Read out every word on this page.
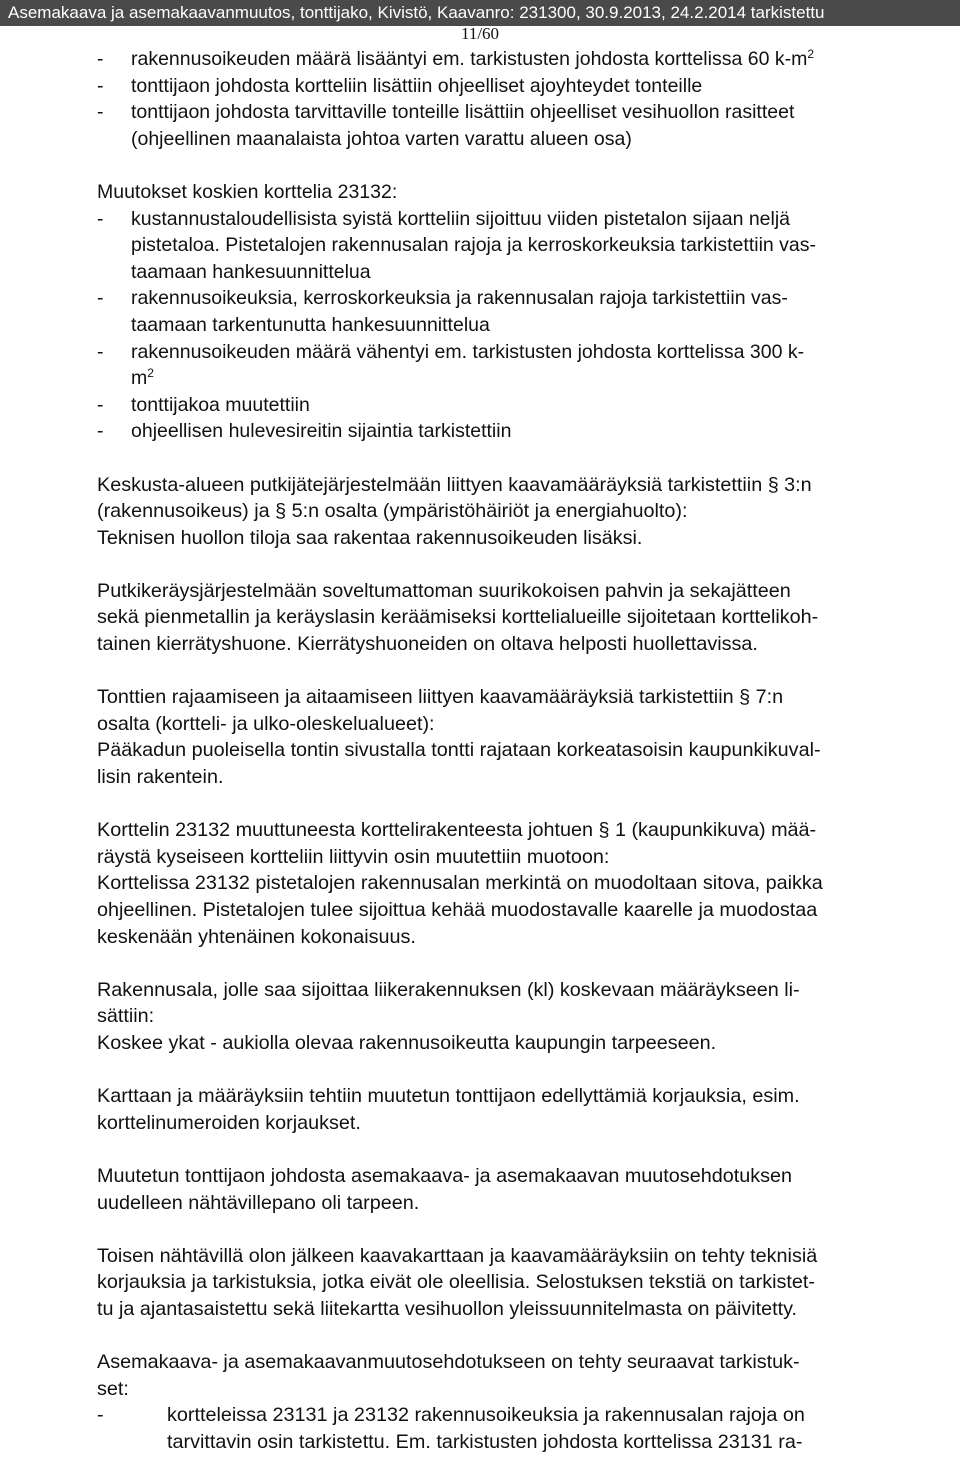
Asemakaava ja asemakaavanmuutos, tonttijako, Kivistö, Kaavanro: 231300, 30.9.2013, 24.2.2014 tarkistettu
11/60
-	rakennusoikeuden määrä lisääntyi em. tarkistusten johdosta korttelissa 60 $k-m^2$
-	tonttijaon johdosta kortteliin lisättiin ohjeelliset ajoyhteydet tonteille
-	tonttijaon johdosta tarvittaville tonteille lisättiin ohjeelliset vesihuollon rasitteet
(ohjeellinen maanalaista johtoa varten varattu alueen osa)
Muutokset koskien korttelia 23132:
-	kustannustaloudellisista syistä kortteliin sijoittuu viiden pistetalon sijaan neljä
pistetaloa. Pistetalojen rakennusalan rajoja ja kerroskorkeuksia tarkistettiin vas-
taamaan hankesuunnittelua
-	rakennusoikeuksia, kerroskorkeuksia ja rakennusalan rajoja tarkistettiin vas-
taamaan tarkentunutta hankesuunnittelua
-	rakennusoikeuden määrä vähentyi em. tarkistusten johdosta korttelissa 300 k-
$m^2$
-	tonttijakoa muutettiin
-	ohjeellisen hulevesireitin sijaintia tarkistettiin
Keskusta-alueen putkijätejärjestelmään liittyen kaavamääräyksiä tarkistettiin § 3:n
(rakennusoikeus) ja § 5:n osalta (ympäristöhäiriöt ja energiahuolto):
Teknisen huollon tiloja saa rakentaa rakennusoikeuden lisäksi.
Putkikeräysjärjestelmään soveltumattoman suurikokoisen pahvin ja sekajätteen
sekä pienmetallin ja keräyslasin keräämiseksi korttelialueille sijoitetaan korttelikoh-
tainen kierrätyshuone. Kierrätyshuoneiden on oltava helposti huollettavissa.
Tonttien rajaamiseen ja aitaamiseen liittyen kaavamääräyksiä tarkistettiin § 7:n
osalta (kortteli- ja ulko-oleskelualueet):
Pääkadun puoleisella tontin sivustalla tontti rajataan korkeatasoisin kaupunkikuval-
lisin rakentein.
Korttelin 23132 muuttuneesta korttelirakenteesta johtuen § 1 (kaupunkikuva) mää-
räystä kyseiseen kortteliin liittyvin osin muutettiin muotoon:
Korttelissa 23132 pistetalojen rakennusalan merkintä on muodoltaan sitova, paikka
ohjeellinen. Pistetalojen tulee sijoittua kehää muodostavalle kaarelle ja muodostaa
keskenään yhtenäinen kokonaisuus.
Rakennusala, jolle saa sijoittaa liikerakennuksen (kl) koskevaan määräykseen li-
sättiin:
Koskee ykat - aukiolla olevaa rakennusoikeutta kaupungin tarpeeseen.
Karttaan ja määräyksiin tehtiin muutetun tonttijaon edellyttämiä korjauksia, esim.
korttelinumeroiden korjaukset.
Muutetun tonttijaon johdosta asemakaava- ja asemakaavan muutosehdotuksen
uudelleen nähtävillepano oli tarpeen.
Toisen nähtävillä olon jälkeen kaavakarttaan ja kaavamääräyksiin on tehty teknisiä
korjauksia ja tarkistuksia, jotka eivät ole oleellisia. Selostuksen tekstiä on tarkistet-
tu ja ajantasaistettu sekä liitekartta vesihuollon yleissuunnitelmasta on päivitetty.
Asemakaava- ja asemakaavanmuutosehdotukseen on tehty seuraavat tarkistuk-
set:
-	kortteleissa 23131 ja 23132 rakennusoikeuksia ja rakennusalan rajoja on
tarvittavin osin tarkistettu. Em. tarkistusten johdosta korttelissa 23131 ra-
